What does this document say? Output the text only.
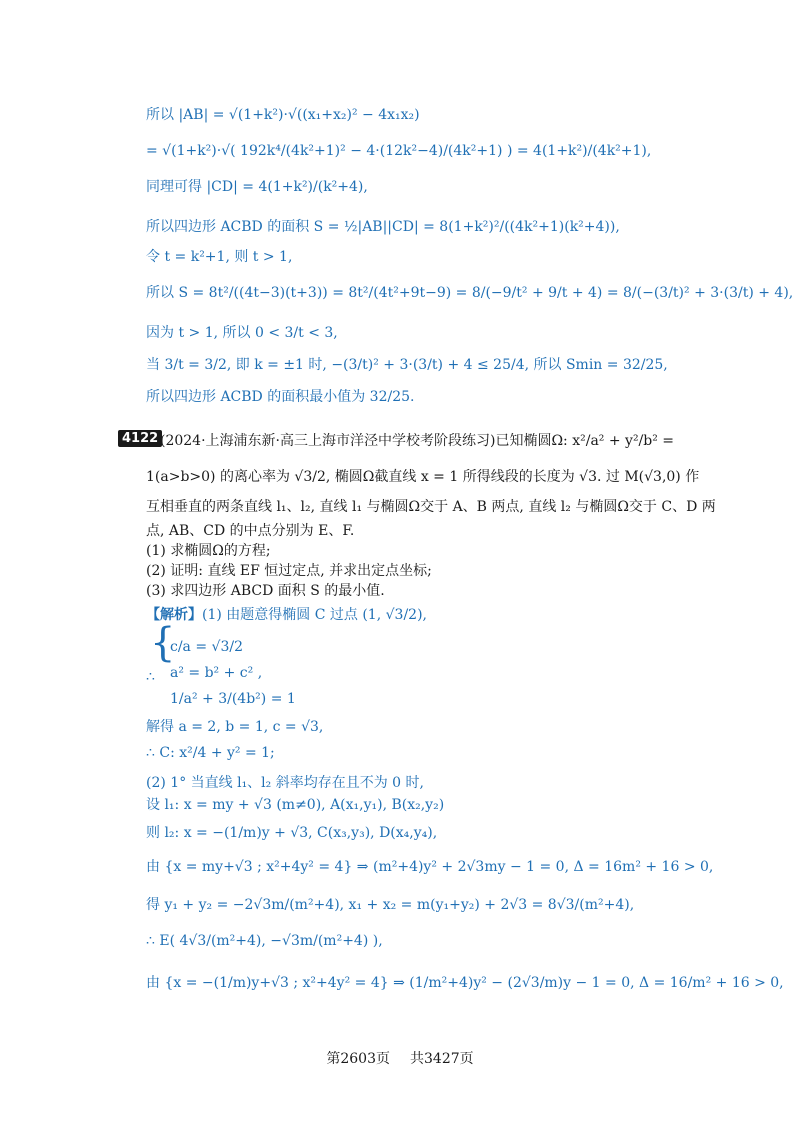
所以 |AB| = √(1+k²)·√((x₁+x₂)² − 4x₁x₂)
= √(1+k²)·√( 192k⁴/(4k²+1)² − 4·(12k²−4)/(4k²+1) ) = 4(1+k²)/(4k²+1),
同理可得 |CD| = 4(1+k²)/(k²+4),
所以四边形 ACBD 的面积 S = ½|AB||CD| = 8(1+k²)²/((4k²+1)(k²+4)),
令 t = k²+1, 则 t > 1,
所以 S = 8t²/((4t−3)(t+3)) = 8t²/(4t²+9t−9) = 8/(−9/t² + 9/t + 4) = 8/(−(3/t)² + 3·(3/t) + 4),
因为 t > 1, 所以 0 < 3/t < 3,
当 3/t = 3/2, 即 k = ±1 时, −(3/t)² + 3·(3/t) + 4 ≤ 25/4, 所以 Smin = 32/25,
所以四边形 ACBD 的面积最小值为 32/25.
4122 (2024·上海浦东新·高三上海市洋泾中学校考阶段练习)已知椭圆Ω: x²/a² + y²/b² =
1(a>b>0) 的离心率为 √3/2, 椭圆Ω截直线 x = 1 所得线段的长度为 √3. 过 M(√3,0) 作
互相垂直的两条直线 l₁、l₂, 直线 l₁ 与椭圆Ω交于 A、B 两点, 直线 l₂ 与椭圆Ω交于 C、D 两
点, AB、CD 的中点分别为 E、F.
(1) 求椭圆Ω的方程;
(2) 证明: 直线 EF 恒过定点, 并求出定点坐标;
(3) 求四边形 ABCD 面积 S 的最小值.
【解析】(1) 由题意得椭圆 C 过点 (1, √3/2),
∴
{
c/a = √3/2
a² = b² + c² ,
1/a² + 3/(4b²) = 1
解得 a = 2, b = 1, c = √3,
∴ C: x²/4 + y² = 1;
(2) 1° 当直线 l₁、l₂ 斜率均存在且不为 0 时,
设 l₁: x = my + √3 (m≠0), A(x₁,y₁), B(x₂,y₂)
则 l₂: x = −(1/m)y + √3, C(x₃,y₃), D(x₄,y₄),
由 {x = my+√3 ; x²+4y² = 4} ⇒ (m²+4)y² + 2√3my − 1 = 0, Δ = 16m² + 16 > 0,
得 y₁ + y₂ = −2√3m/(m²+4), x₁ + x₂ = m(y₁+y₂) + 2√3 = 8√3/(m²+4),
∴ E( 4√3/(m²+4), −√3m/(m²+4) ),
由 {x = −(1/m)y+√3 ; x²+4y² = 4} ⇒ (1/m²+4)y² − (2√3/m)y − 1 = 0, Δ = 16/m² + 16 > 0,
第2603页 共3427页
